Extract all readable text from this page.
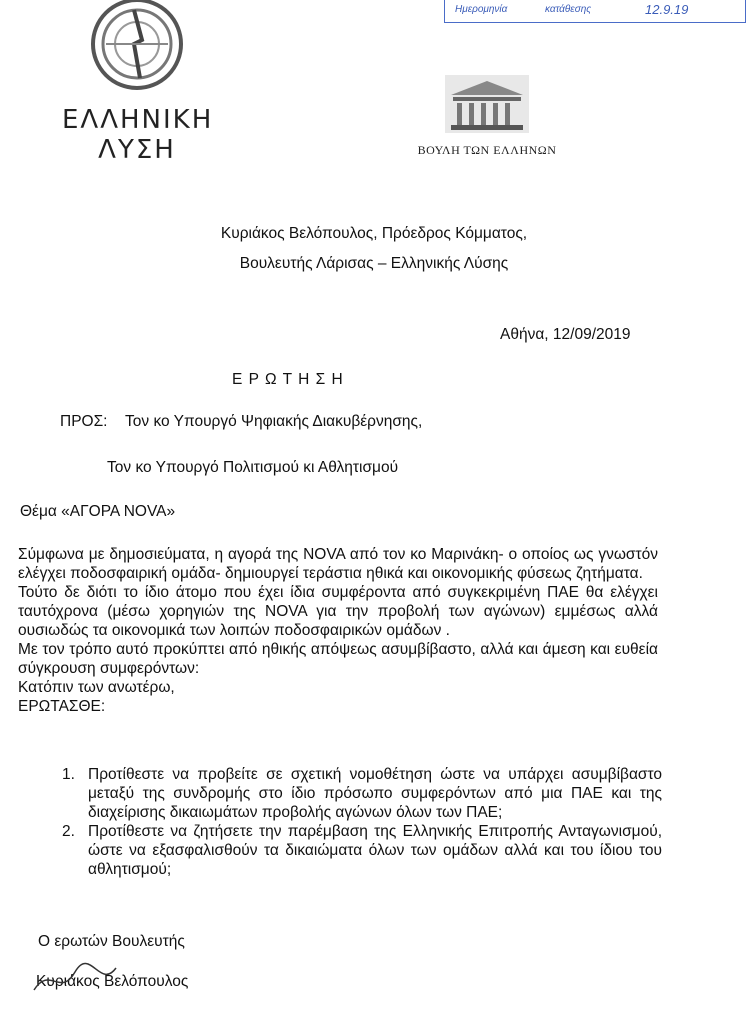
Ημερομηνία	κατάθεσης	12.9.19
ΕΛΛΗΝΙΚΗ
ΛΥΣΗ	ΒΟΥΛΗ ΤΩΝ ΕΛΛΗΝΩΝ
Κυριάκος Βελόπουλος, Πρόεδρος Κόμματος,
Βουλευτής Λάρισας – Ελληνικής Λύσης
Αθήνα, 12/09/2019
Ε Ρ Ω Τ Η Σ Η
ΠΡΟΣ: Τον κο Υπουργό Ψηφιακής Διακυβέρνησης,
Τον κο Υπουργό Πολιτισμού κι Αθλητισμού
Θέμα «ΑΓΟΡΑ NOVA»

Σύμφωνα με δημοσιεύματα, η αγορά της NOVA από τον κο Μαρινάκη- ο οποίος ως γνωστόν ελέγχει ποδοσφαιρική ομάδα- δημιουργεί τεράστια ηθικά και οικονομικής φύσεως ζητήματα.

Τούτο δε διότι το ίδιο άτομο που έχει ίδια συμφέροντα από συγκεκριμένη ΠΑΕ θα ελέγχει ταυτόχρονα (μέσω χορηγιών της NOVA για την προβολή των αγώνων) εμμέσως αλλά ουσιωδώς τα οικονομικά των λοιπών ποδοσφαιρικών ομάδων .

Με τον τρόπο αυτό προκύπτει από ηθικής απόψεως ασυμβίβαστο, αλλά και άμεση και ευθεία σύγκρουση συμφερόντων:

Κατόπιν των ανωτέρω,

ΕΡΩΤΑΣΘΕ:

1. Προτίθεστε να προβείτε σε σχετική νομοθέτηση ώστε να υπάρχει ασυμβίβαστο μεταξύ της συνδρομής στο ίδιο πρόσωπο συμφερόντων από μια ΠΑΕ και της διαχείρισης δικαιωμάτων προβολής αγώνων όλων των ΠΑΕ;
2. Προτίθεστε να ζητήσετε την παρέμβαση της Ελληνικής Επιτροπής Ανταγωνισμού, ώστε να εξασφαλισθούν τα δικαιώματα όλων των ομάδων αλλά και του ίδιου του αθλητισμού;
Ο ερωτών Βουλευτής
Κυριάκος Βελόπουλος
